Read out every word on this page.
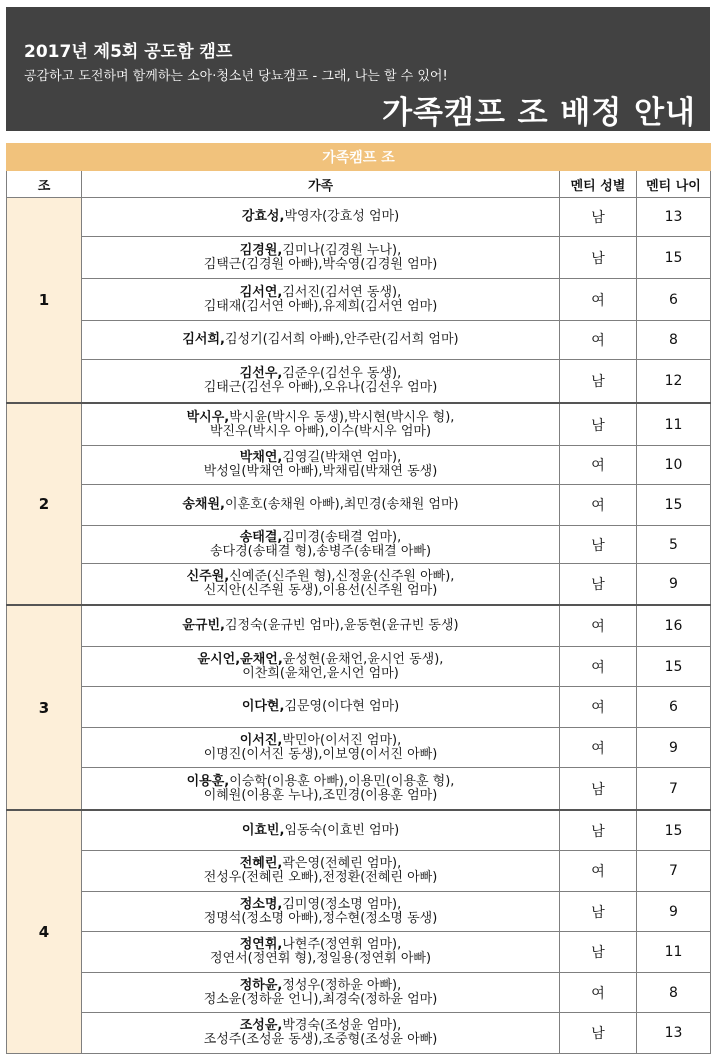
2017년 제5회 공도함 캠프
공감하고 도전하며 함께하는 소아·청소년 당뇨캠프 - 그래, 나는 할 수 있어!
가족캠프 조 배정 안내
가족캠프 조			
조	가족	멘티 성별	멘티 나이
1	강효성,박영자(강효성 엄마)	남	13

	김경원,김미나(김경원 누나),
김택근(김경원 아빠),박숙영(김경원 엄마)	남	15

	김서연,김서진(김서연 동생),
김태재(김서연 아빠),유제희(김서연 엄마)	여	6

	김서희,김성기(김서희 아빠),안주란(김서희 엄마)	여	8

	김선우,김준우(김선우 동생),
김태근(김선우 아빠),오유나(김선우 엄마)	남	12
2	박시우,박시윤(박시우 동생),박시현(박시우 형),
박진우(박시우 아빠),이수(박시우 엄마)	남	11

	박채연,김영길(박채연 엄마),
박성일(박채연 아빠),박채림(박채연 동생)	여	10

	송채원,이훈호(송채원 아빠),최민경(송채원 엄마)	여	15

	송태결,김미경(송태결 엄마),
송다경(송태결 형),송병주(송태결 아빠)	남	5

	신주원,신예준(신주원 형),신정윤(신주원 아빠),
신지안(신주원 동생),이용선(신주원 엄마)	남	9
3	윤규빈,김정숙(윤규빈 엄마),윤동현(윤규빈 동생)	여	16

	윤시언,윤채언,윤성현(윤채언,윤시언 동생),
이찬희(윤채언,윤시언 엄마)	여	15

	이다현,김문영(이다현 엄마)	여	6

	이서진,박민아(이서진 엄마),
이명진(이서진 동생),이보영(이서진 아빠)	여	9

	이용훈,이승학(이용훈 아빠),이용민(이용훈 형),
이혜원(이용훈 누나),조민경(이용훈 엄마)	남	7
4	이효빈,임동숙(이효빈 엄마)	남	15

	전혜린,곽은영(전혜린 엄마),
전성우(전혜린 오빠),전정환(전혜린 아빠)	여	7

	정소명,김미영(정소명 엄마),
정명석(정소명 아빠),정수현(정소명 동생)	남	9

	정연휘,나현주(정연휘 엄마),
정연서(정연휘 형),정일용(정연휘 아빠)	남	11

	정하윤,정성우(정하윤 아빠),
정소윤(정하윤 언니),최경숙(정하윤 엄마)	여	8

	조성윤,박경숙(조성윤 엄마),
조성주(조성윤 동생),조중형(조성윤 아빠)	남	13
